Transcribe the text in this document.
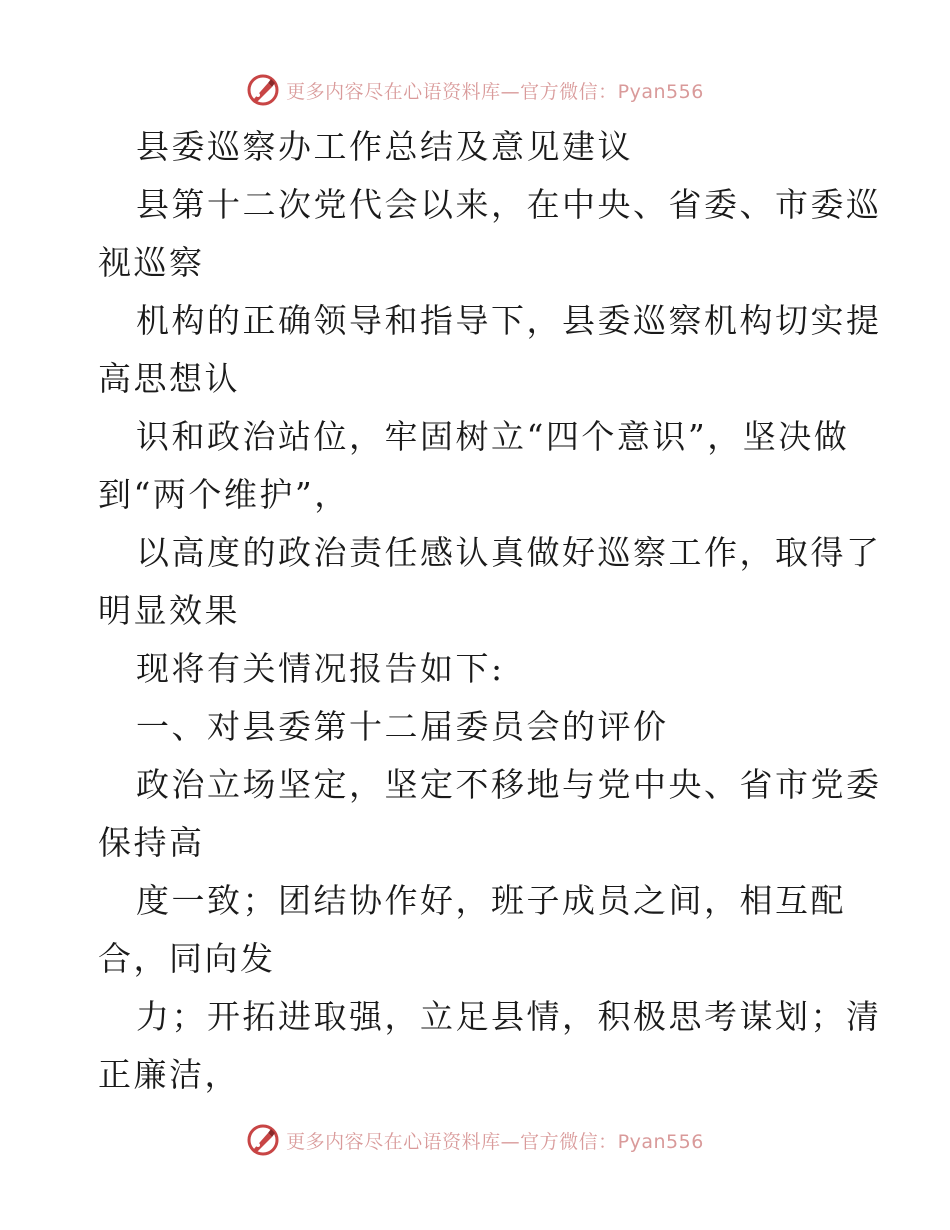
更多内容尽在心语资料库—官方微信：Pyan556
县委巡察办工作总结及意见建议
县第十二次党代会以来，在中央、省委、市委巡
视巡察
机构的正确领导和指导下，县委巡察机构切实提
高思想认
识和政治站位，牢固树立“四个意识”，坚决做
到“两个维护”，
以高度的政治责任感认真做好巡察工作，取得了
明显效果
现将有关情况报告如下:
一、对县委第十二届委员会的评价
政治立场坚定，坚定不移地与党中央、省市党委
保持高
度一致；团结协作好，班子成员之间，相互配
合，同向发
力；开拓进取强，立足县情，积极思考谋划；清
正廉洁，
更多内容尽在心语资料库—官方微信：Pyan556
